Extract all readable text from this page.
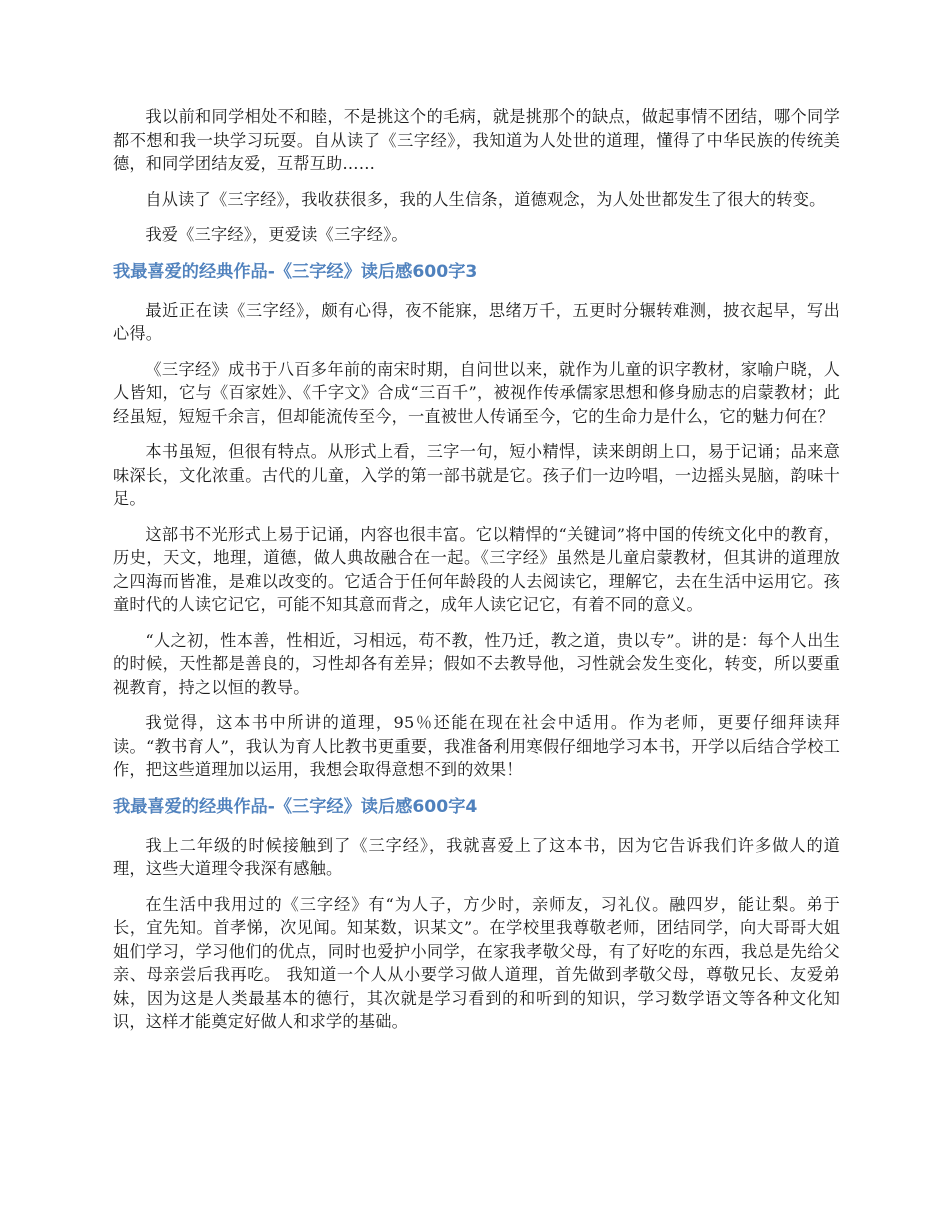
我以前和同学相处不和睦，不是挑这个的毛病，就是挑那个的缺点，做起事情不团结，哪个同学都不想和我一块学习玩耍。自从读了《三字经》，我知道为人处世的道理，懂得了中华民族的传统美德，和同学团结友爱，互帮互助……

自从读了《三字经》，我收获很多，我的人生信条，道德观念，为人处世都发生了很大的转变。

我爱《三字经》，更爱读《三字经》。

我最喜爱的经典作品-《三字经》读后感600字3

最近正在读《三字经》，颇有心得，夜不能寐，思绪万千，五更时分辗转难测，披衣起早，写出心得。

《三字经》成书于八百多年前的南宋时期，自问世以来，就作为儿童的识字教材，家喻户晓，人人皆知，它与《百家姓》、《千字文》合成“三百千”，被视作传承儒家思想和修身励志的启蒙教材；此经虽短，短短千余言，但却能流传至今，一直被世人传诵至今，它的生命力是什么，它的魅力何在？

本书虽短，但很有特点。从形式上看，三字一句，短小精悍，读来朗朗上口，易于记诵；品来意味深长，文化浓重。古代的儿童，入学的第一部书就是它。孩子们一边吟唱，一边摇头晃脑，韵味十足。

这部书不光形式上易于记诵，内容也很丰富。它以精悍的“关键词”将中国的传统文化中的教育，历史，天文，地理，道德，做人典故融合在一起。《三字经》虽然是儿童启蒙教材，但其讲的道理放之四海而皆准，是难以改变的。它适合于任何年龄段的人去阅读它，理解它，去在生活中运用它。孩童时代的人读它记它，可能不知其意而背之，成年人读它记它，有着不同的意义。

“人之初，性本善，性相近，习相远，苟不教，性乃迁，教之道，贵以专”。讲的是：每个人出生的时候，天性都是善良的，习性却各有差异；假如不去教导他，习性就会发生变化，转变，所以要重视教育，持之以恒的教导。

我觉得，这本书中所讲的道理，95％还能在现在社会中适用。作为老师，更要仔细拜读拜读。“教书育人”，我认为育人比教书更重要，我准备利用寒假仔细地学习本书，开学以后结合学校工作，把这些道理加以运用，我想会取得意想不到的效果！

我最喜爱的经典作品-《三字经》读后感600字4

我上二年级的时候接触到了《三字经》，我就喜爱上了这本书，因为它告诉我们许多做人的道理，这些大道理令我深有感触。

在生活中我用过的《三字经》有“为人子，方少时，亲师友，习礼仪。融四岁，能让梨。弟于长，宜先知。首孝悌，次见闻。知某数，识某文”。在学校里我尊敬老师，团结同学，向大哥哥大姐姐们学习，学习他们的优点，同时也爱护小同学，在家我孝敬父母，有了好吃的东西，我总是先给父亲、母亲尝后我再吃。 我知道一个人从小要学习做人道理，首先做到孝敬父母，尊敬兄长、友爱弟妹，因为这是人类最基本的德行，其次就是学习看到的和听到的知识，学习数学语文等各种文化知识，这样才能奠定好做人和求学的基础。
